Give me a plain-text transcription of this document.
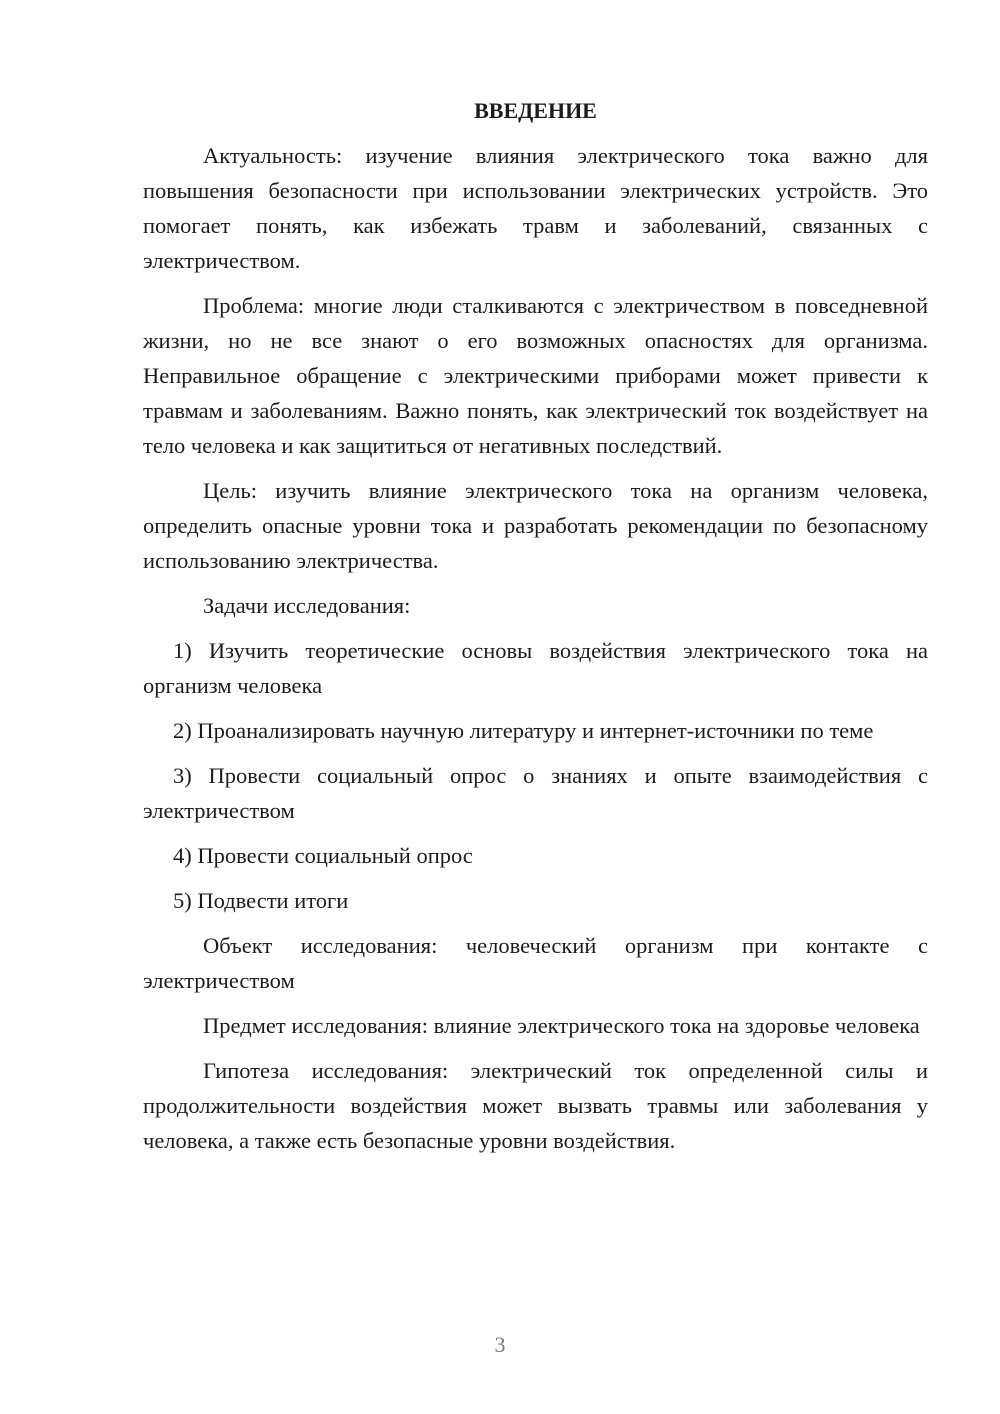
ВВЕДЕНИЕ

Актуальность: изучение влияния электрического тока важно для повышения безопасности при использовании электрических устройств. Это помогает понять, как избежать травм и заболеваний, связанных с электричеством.

Проблема: многие люди сталкиваются с электричеством в повседневной жизни, но не все знают о его возможных опасностях для организма. Неправильное обращение с электрическими приборами может привести к травмам и заболеваниям. Важно понять, как электрический ток воздействует на тело человека и как защититься от негативных последствий.

Цель: изучить влияние электрического тока на организм человека, определить опасные уровни тока и разработать рекомендации по безопасному использованию электричества.

Задачи исследования:

1) Изучить теоретические основы воздействия электрического тока на организм человека

2) Проанализировать научную литературу и интернет-источники по теме

3) Провести социальный опрос о знаниях и опыте взаимодействия с электричеством

4) Провести социальный опрос

5) Подвести итоги

Объект исследования: человеческий организм при контакте с электричеством

Предмет исследования: влияние электрического тока на здоровье человека

Гипотеза исследования: электрический ток определенной силы и продолжительности воздействия может вызвать травмы или заболевания у человека, а также есть безопасные уровни воздействия.

3
